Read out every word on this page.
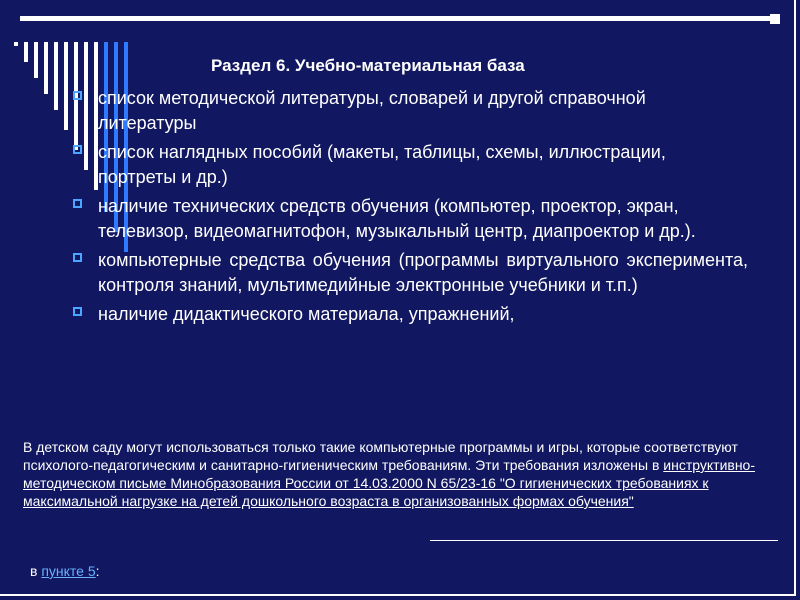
Раздел 6. Учебно-материальная база
список методической литературы, словарей и другой справочной литературы
список наглядных пособий (макеты, таблицы, схемы, иллюстрации, портреты и др.)
наличие технических средств обучения (компьютер, проектор, экран, телевизор, видеомагнитофон, музыкальный центр, диапроектор и др.).
компьютерные средства обучения (программы виртуального эксперимента, контроля знаний, мультимедийные электронные учебники и т.п.)
наличие дидактического материала, упражнений,
В детском саду могут использоваться только такие компьютерные программы и игры, которые соответствуют психолого-педагогическим и санитарно-гигиеническим требованиям. Эти требования изложены в инструктивно-методическом письме Минобразования России от 14.03.2000 N 65/23-16 "О гигиенических требованиях к максимальной нагрузке на детей дошкольного возраста в организованных формах обучения"
в пункте 5:
